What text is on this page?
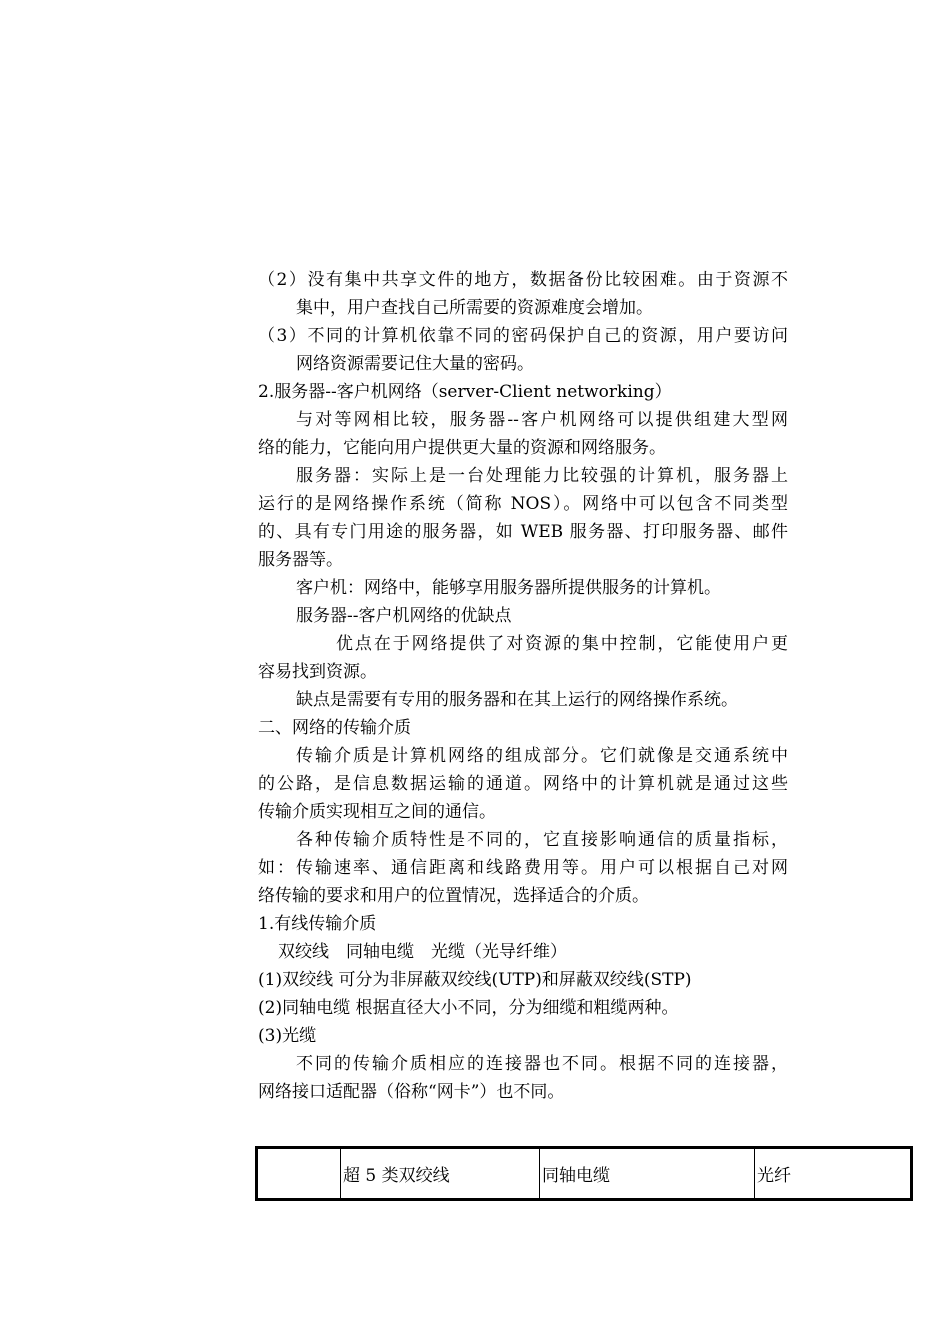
（2）没有集中共享文件的地方，数据备份比较困难。由于资源不
集中，用户查找自己所需要的资源难度会增加。
（3）不同的计算机依靠不同的密码保护自己的资源，用户要访问
网络资源需要记住大量的密码。
2.服务器--客户机网络（server-Client networking）
与对等网相比较，服务器--客户机网络可以提供组建大型网
络的能力，它能向用户提供更大量的资源和网络服务。
服务器：实际上是一台处理能力比较强的计算机，服务器上
运行的是网络操作系统（简称 NOS）。网络中可以包含不同类型
的、具有专门用途的服务器，如 WEB 服务器、打印服务器、邮件
服务器等。
客户机：网络中，能够享用服务器所提供服务的计算机。
服务器--客户机网络的优缺点
优点在于网络提供了对资源的集中控制，它能使用户更
容易找到资源。
缺点是需要有专用的服务器和在其上运行的网络操作系统。
二、网络的传输介质
传输介质是计算机网络的组成部分。它们就像是交通系统中
的公路，是信息数据运输的通道。网络中的计算机就是通过这些
传输介质实现相互之间的通信。
各种传输介质特性是不同的，它直接影响通信的质量指标，
如：传输速率、通信距离和线路费用等。用户可以根据自己对网
络传输的要求和用户的位置情况，选择适合的介质。
1.有线传输介质
双绞线　同轴电缆　光缆（光导纤维）
(1)双绞线 可分为非屏蔽双绞线(UTP)和屏蔽双绞线(STP)
(2)同轴电缆 根据直径大小不同，分为细缆和粗缆两种。
(3)光缆
不同的传输介质相应的连接器也不同。根据不同的连接器，
网络接口适配器（俗称“网卡”）也不同。
	超 5 类双绞线	同轴电缆	光纤
